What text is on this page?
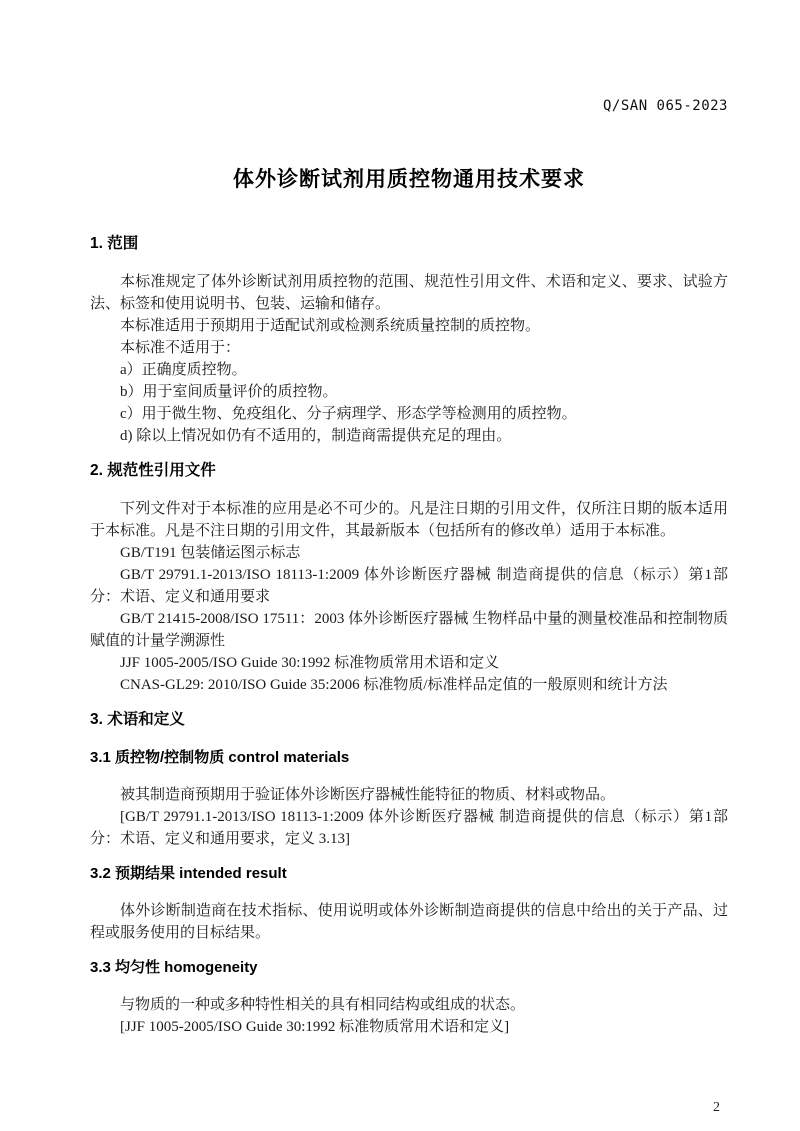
Q/SAN 065-2023
体外诊断试剂用质控物通用技术要求
1. 范围

本标准规定了体外诊断试剂用质控物的范围、规范性引用文件、术语和定义、要求、试验方法、标签和使用说明书、包装、运输和储存。

本标准适用于预期用于适配试剂或检测系统质量控制的质控物。

本标准不适用于：

a）正确度质控物。

b）用于室间质量评价的质控物。

c）用于微生物、免疫组化、分子病理学、形态学等检测用的质控物。

d) 除以上情况如仍有不适用的，制造商需提供充足的理由。

2. 规范性引用文件

下列文件对于本标准的应用是必不可少的。凡是注日期的引用文件，仅所注日期的版本适用于本标准。凡是不注日期的引用文件，其最新版本（包括所有的修改单）适用于本标准。

GB/T191 包装储运图示标志

GB/T 29791.1-2013/ISO 18113-1:2009 体外诊断医疗器械 制造商提供的信息（标示）第1部分：术语、定义和通用要求

GB/T 21415-2008/ISO 17511：2003 体外诊断医疗器械 生物样品中量的测量校准品和控制物质赋值的计量学溯源性

JJF 1005-2005/ISO Guide 30:1992 标准物质常用术语和定义

CNAS-GL29: 2010/ISO Guide 35:2006 标准物质/标准样品定值的一般原则和统计方法

3. 术语和定义
3.1 质控物/控制物质 control materials

被其制造商预期用于验证体外诊断医疗器械性能特征的物质、材料或物品。

[GB/T 29791.1-2013/ISO 18113-1:2009 体外诊断医疗器械 制造商提供的信息（标示）第1部分：术语、定义和通用要求，定义 3.13]

3.2 预期结果 intended result

体外诊断制造商在技术指标、使用说明或体外诊断制造商提供的信息中给出的关于产品、过程或服务使用的目标结果。

3.3 均匀性 homogeneity

与物质的一种或多种特性相关的具有相同结构或组成的状态。

[JJF 1005-2005/ISO Guide 30:1992 标准物质常用术语和定义]

2
